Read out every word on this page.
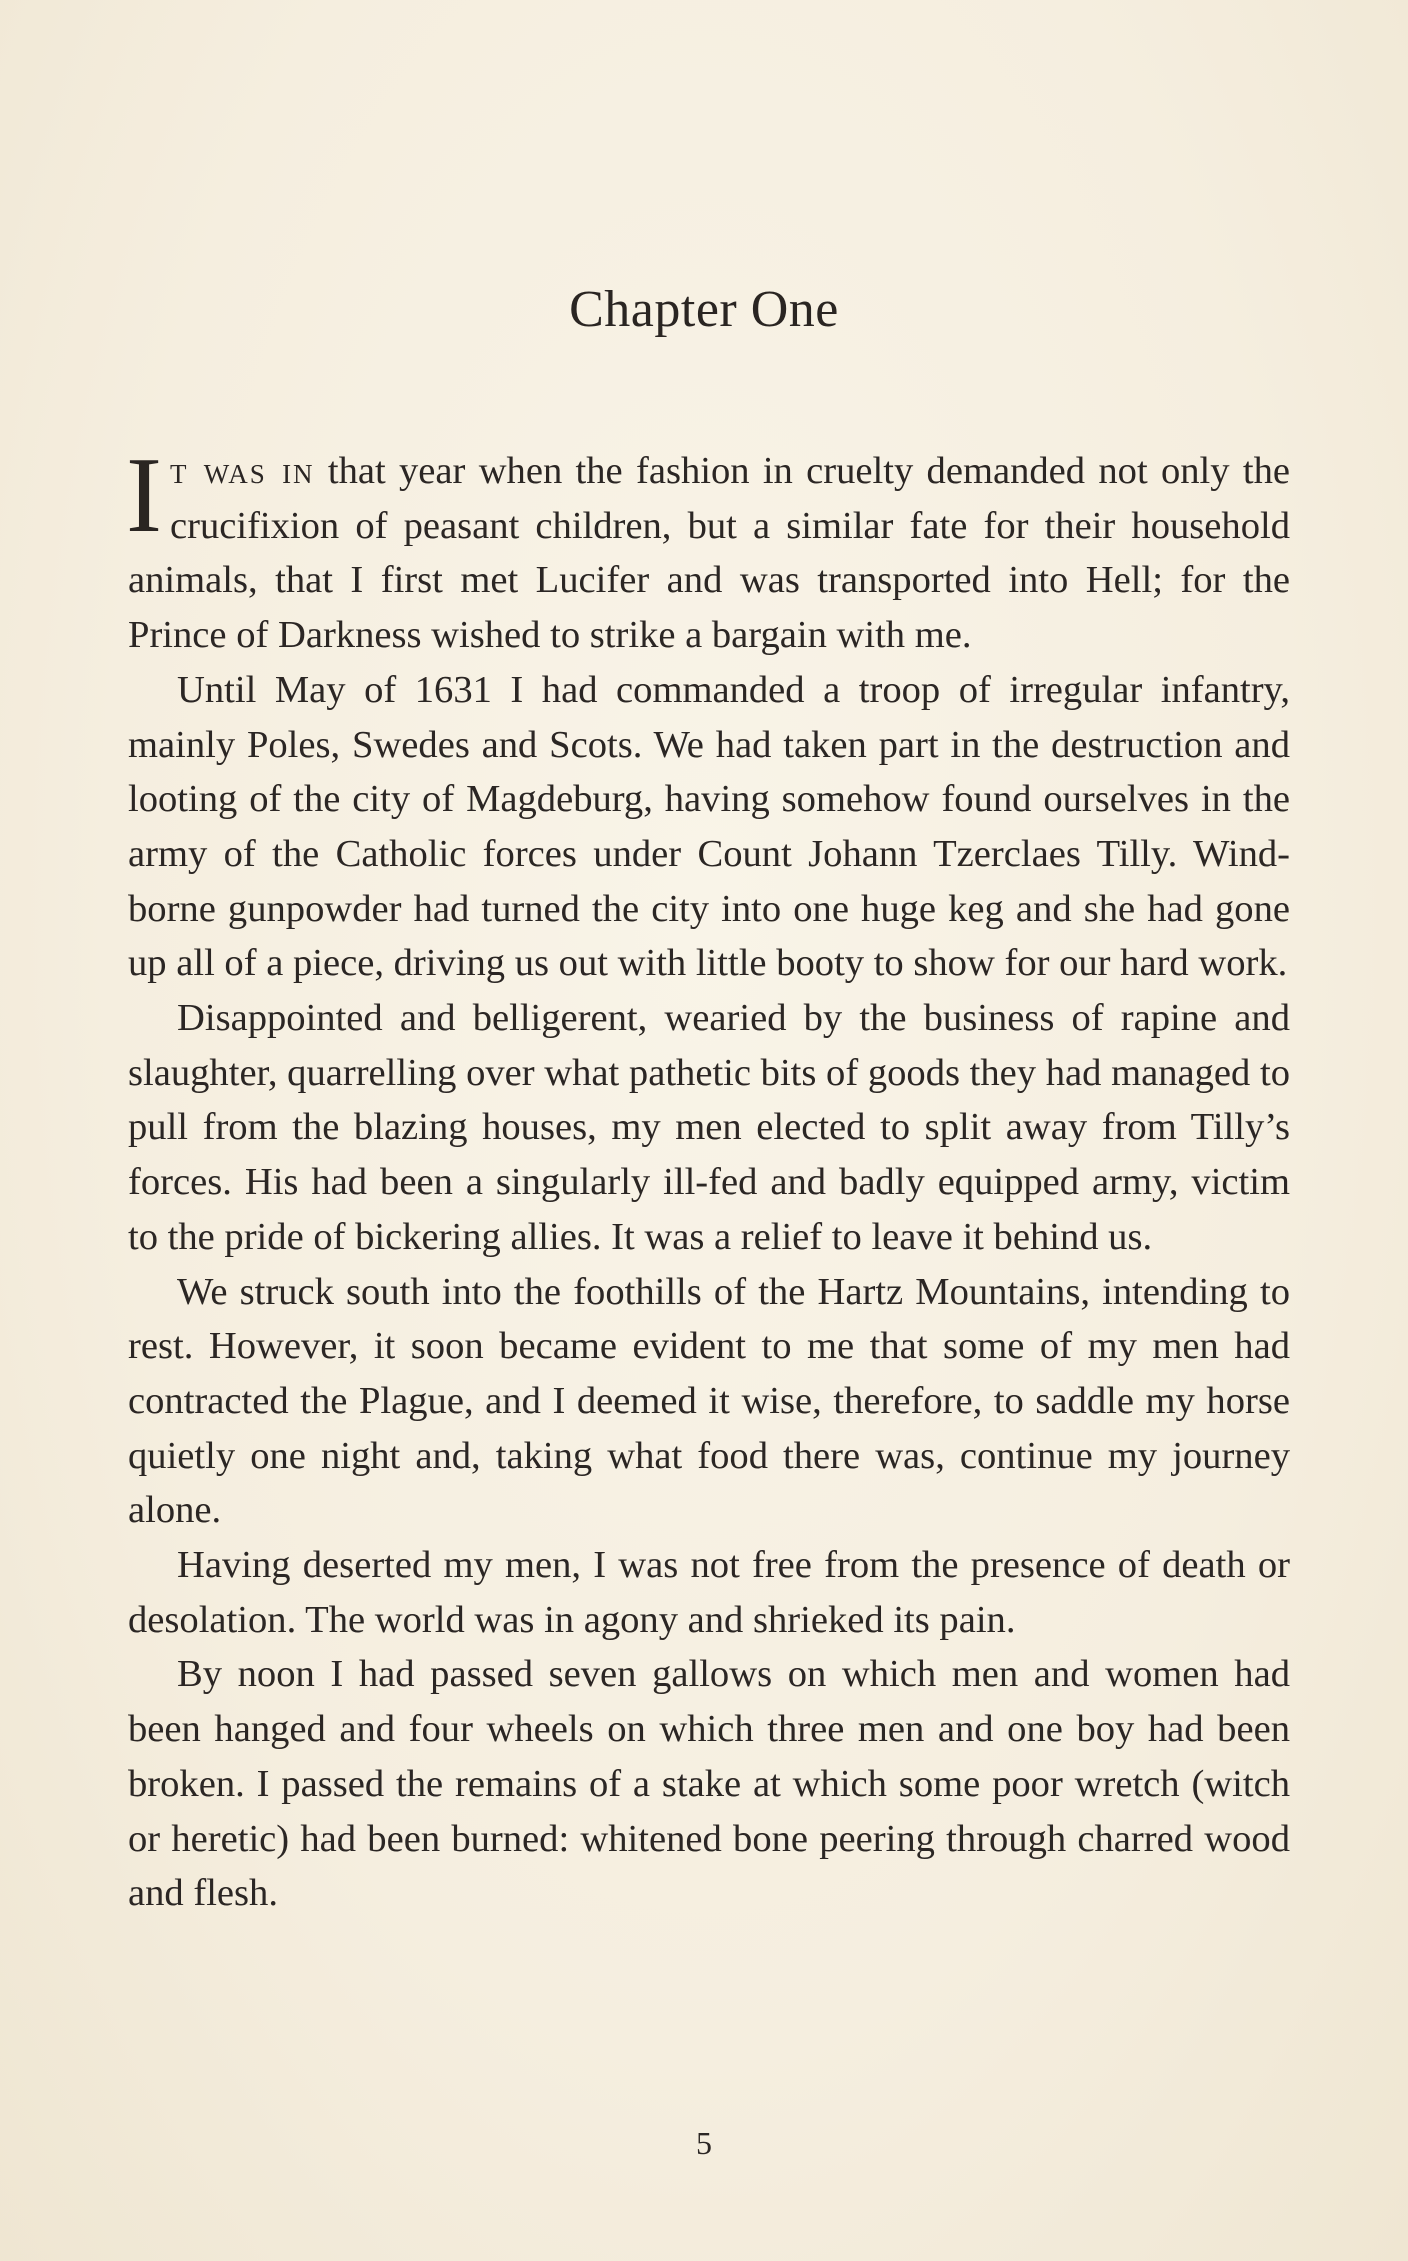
Chapter One

It was in that year when the fashion in cruelty demanded not only the crucifixion of peasant children, but a similar fate for their household animals, that I first met Lucifer and was transported into Hell; for the Prince of Darkness wished to strike a bargain with me.

Until May of 1631 I had commanded a troop of irregular infantry, mainly Poles, Swedes and Scots. We had taken part in the destruction and looting of the city of Magdeburg, having somehow found ourselves in the army of the Catholic forces under Count Johann Tzerclaes Tilly. Wind-borne gunpowder had turned the city into one huge keg and she had gone up all of a piece, driving us out with little booty to show for our hard work.

Disappointed and belligerent, wearied by the business of rapine and slaughter, quarrelling over what pathetic bits of goods they had managed to pull from the blazing houses, my men elected to split away from Tilly’s forces. His had been a singularly ill-fed and badly equipped army, victim to the pride of bickering allies. It was a relief to leave it behind us.

We struck south into the foothills of the Hartz Mountains, intending to rest. However, it soon became evident to me that some of my men had contracted the Plague, and I deemed it wise, therefore, to saddle my horse quietly one night and, taking what food there was, continue my journey alone.

Having deserted my men, I was not free from the presence of death or desolation. The world was in agony and shrieked its pain.

By noon I had passed seven gallows on which men and women had been hanged and four wheels on which three men and one boy had been broken. I passed the remains of a stake at which some poor wretch (witch or heretic) had been burned: whitened bone peering through charred wood and flesh.

5
